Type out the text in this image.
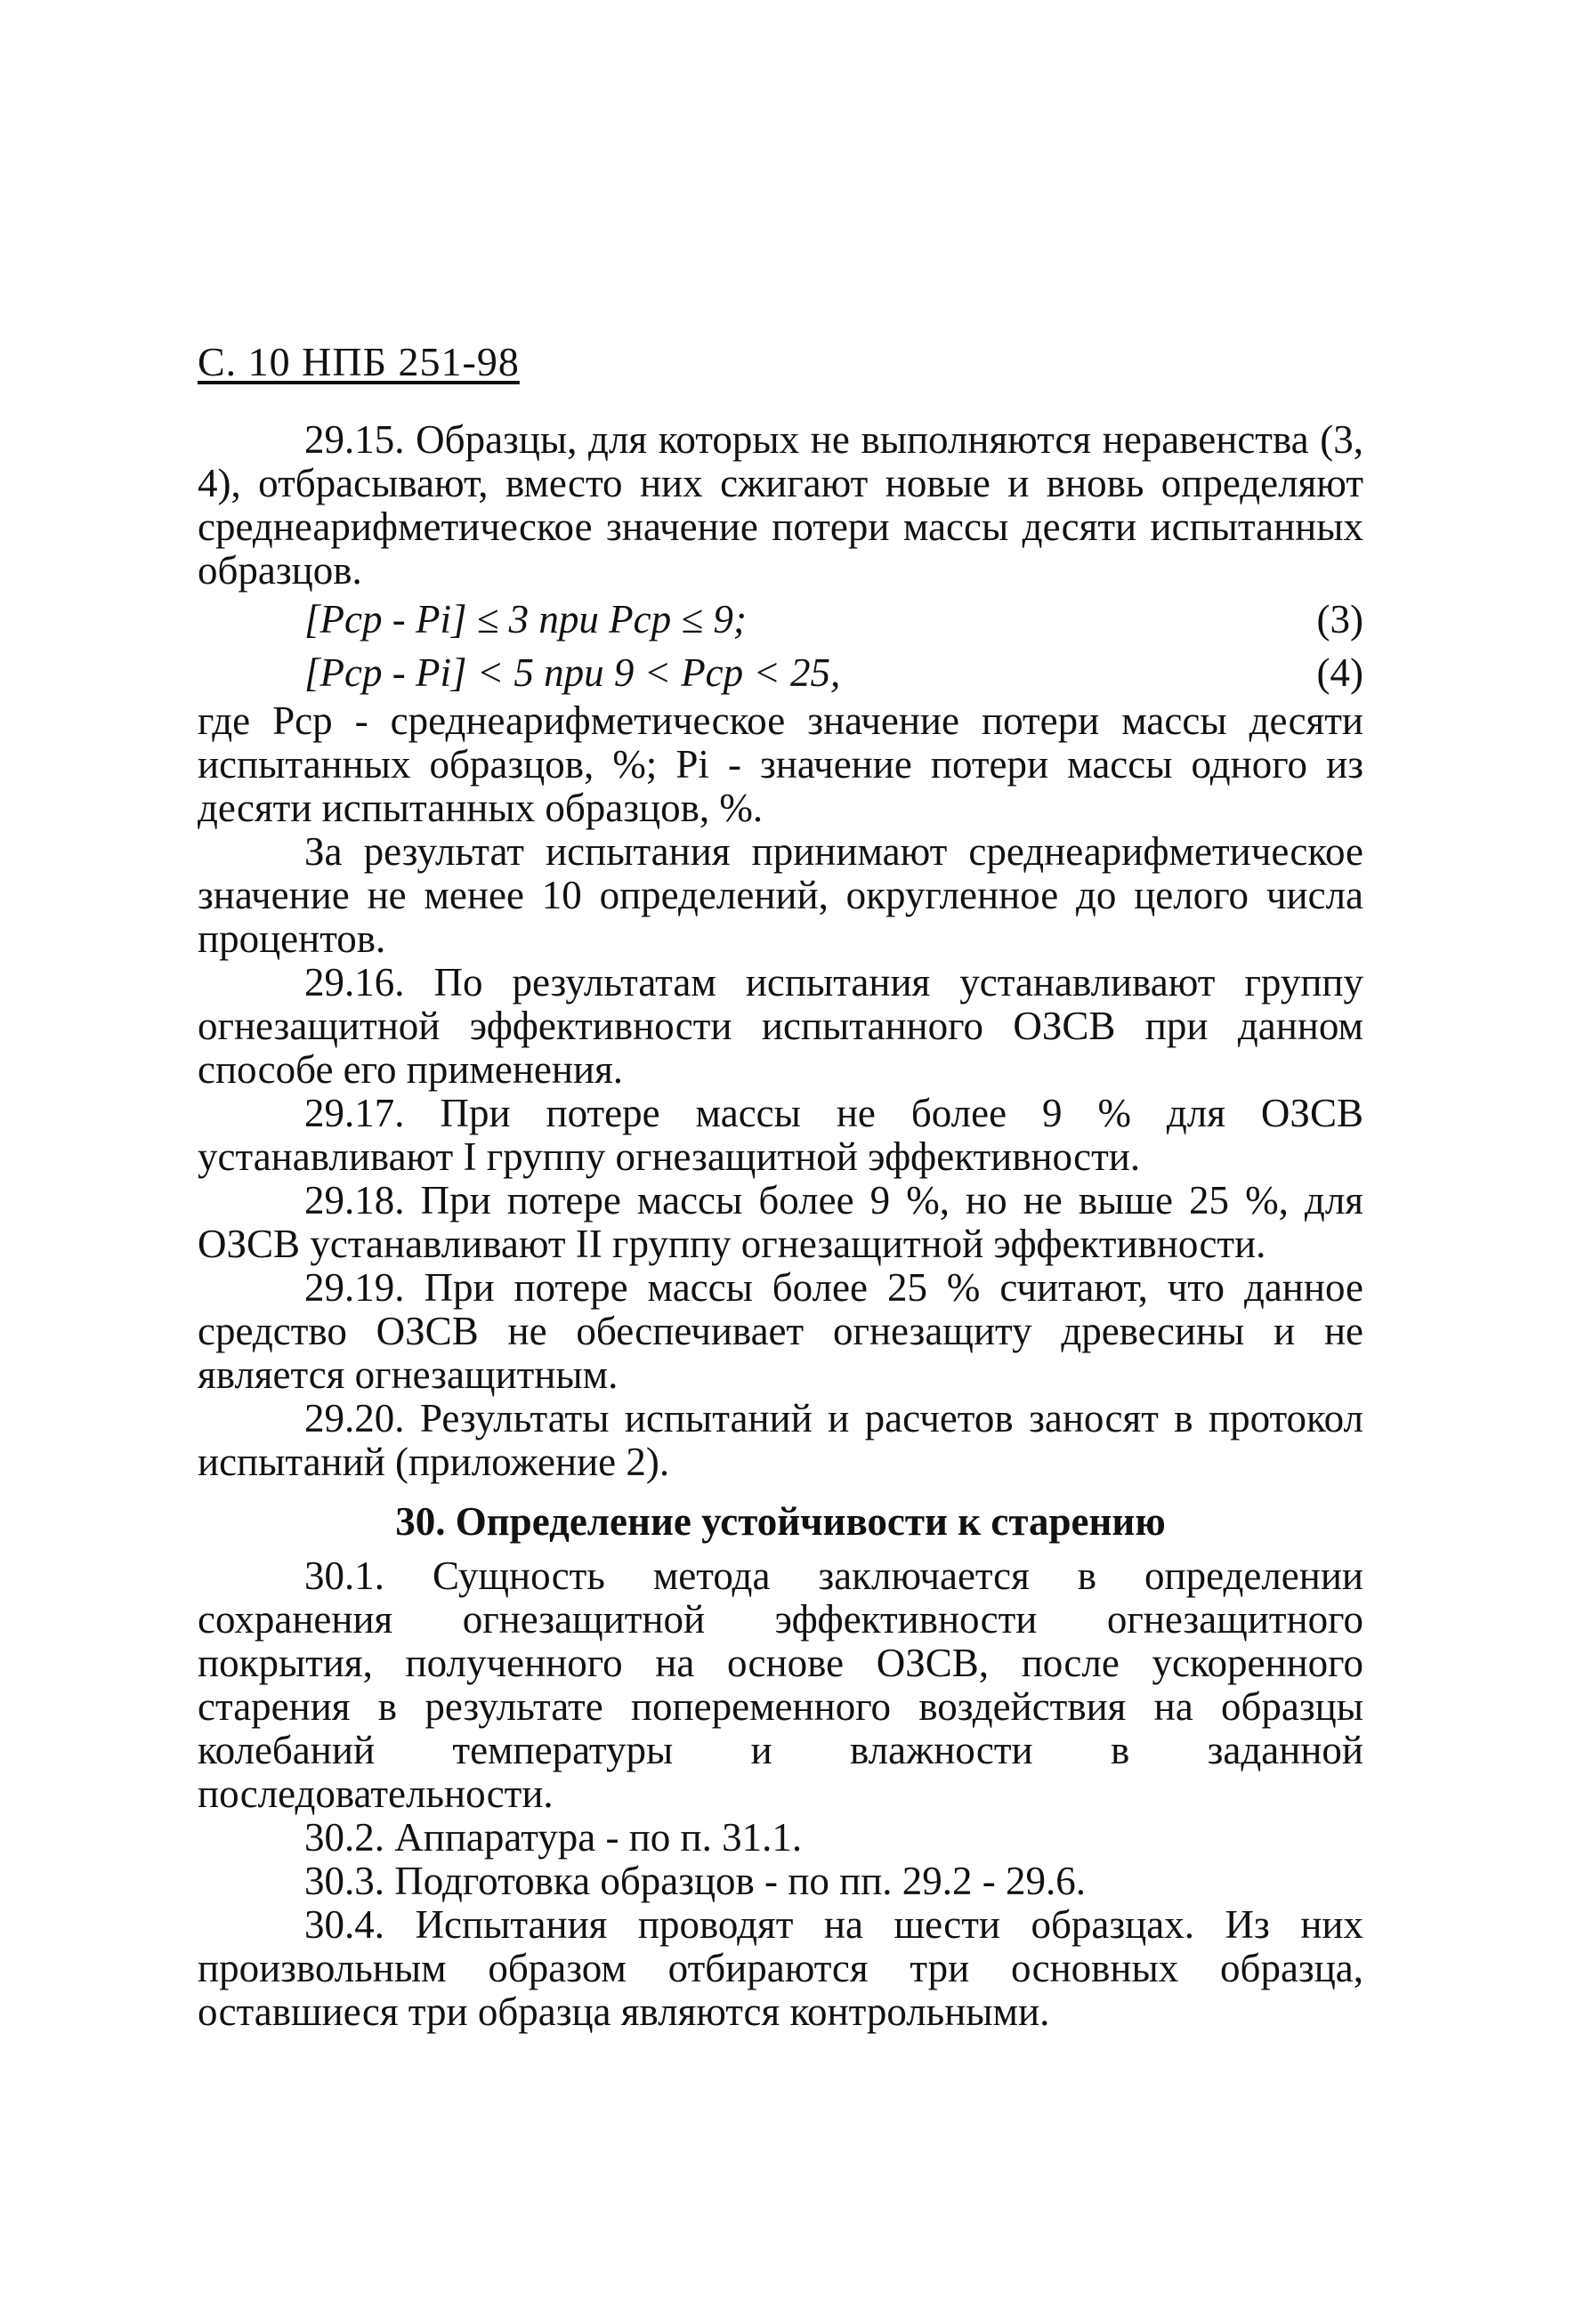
С. 10 НПБ 251-98

29.15. Образцы, для которых не выполняются неравенства (3, 4), отбрасывают, вместо них сжигают новые и вновь определяют среднеарифметическое значение потери массы десяти испытанных образцов.

[Pср - Pi] ≤ 3 при Pср ≤ 9;	(3)
[Pср - Pi] < 5 при 9 < Pср < 25,	(4)

где Pср - среднеарифметическое значение потери массы десяти испытанных образцов, %; Pi - значение потери массы одного из десяти испытанных образцов, %.

За результат испытания принимают среднеарифметическое значение не менее 10 определений, округленное до целого числа процентов.

29.16. По результатам испытания устанавливают группу огнезащитной эффективности испытанного ОЗСВ при данном способе его применения.

29.17. При потере массы не более 9 % для ОЗСВ устанавливают I группу огнезащитной эффективности.

29.18. При потере массы более 9 %, но не выше 25 %, для ОЗСВ устанавливают II группу огнезащитной эффективности.

29.19. При потере массы более 25 % считают, что данное средство ОЗСВ не обеспечивает огнезащиту древесины и не является огнезащитным.

29.20. Результаты испытаний и расчетов заносят в протокол испытаний (приложение 2).

30. Определение устойчивости к старению

30.1. Сущность метода заключается в определении сохранения огнезащитной эффективности огнезащитного покрытия, полученного на основе ОЗСВ, после ускоренного старения в результате попеременного воздействия на образцы колебаний температуры и влажности в заданной последовательности.

30.2. Аппаратура - по п. 31.1.

30.3. Подготовка образцов - по пп. 29.2 - 29.6.

30.4. Испытания проводят на шести образцах. Из них произвольным образом отбираются три основных образца, оставшиеся три образца являются контрольными.
